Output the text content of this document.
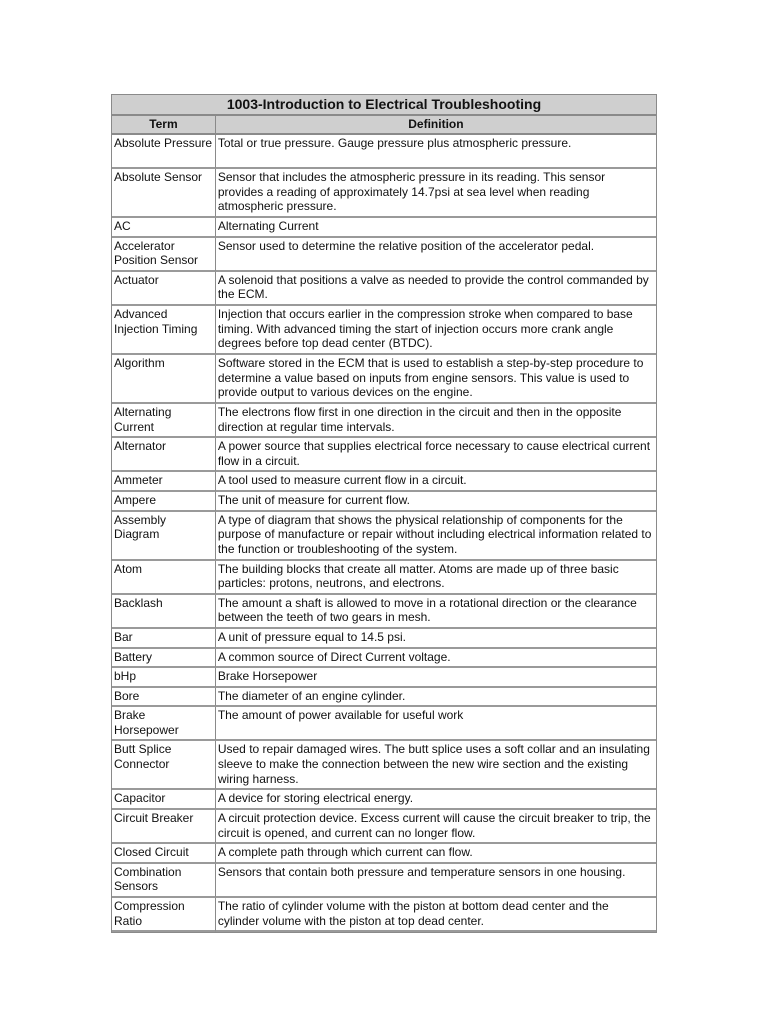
1003-Introduction to Electrical Troubleshooting	
Term	Definition
Absolute Pressure	Total or true pressure. Gauge pressure plus atmospheric pressure.
Absolute Sensor	Sensor that includes the atmospheric pressure in its reading. This sensor provides a reading of approximately 14.7psi at sea level when reading atmospheric pressure.
AC	Alternating Current
Accelerator Position Sensor	Sensor used to determine the relative position of the accelerator pedal.
Actuator	A solenoid that positions a valve as needed to provide the control commanded by the ECM.
Advanced Injection Timing	Injection that occurs earlier in the compression stroke when compared to base timing. With advanced timing the start of injection occurs more crank angle degrees before top dead center (BTDC).
Algorithm	Software stored in the ECM that is used to establish a step-by-step procedure to determine a value based on inputs from engine sensors. This value is used to provide output to various devices on the engine.
Alternating Current	The electrons flow first in one direction in the circuit and then in the opposite direction at regular time intervals.
Alternator	A power source that supplies electrical force necessary to cause electrical current flow in a circuit.
Ammeter	A tool used to measure current flow in a circuit.
Ampere	The unit of measure for current flow.
Assembly Diagram	A type of diagram that shows the physical relationship of components for the purpose of manufacture or repair without including electrical information related to the function or troubleshooting of the system.
Atom	The building blocks that create all matter. Atoms are made up of three basic particles: protons, neutrons, and electrons.
Backlash	The amount a shaft is allowed to move in a rotational direction or the clearance between the teeth of two gears in mesh.
Bar	A unit of pressure equal to 14.5 psi.
Battery	A common source of Direct Current voltage.
bHp	Brake Horsepower
Bore	The diameter of an engine cylinder.
Brake Horsepower	The amount of power available for useful work
Butt Splice Connector	Used to repair damaged wires. The butt splice uses a soft collar and an insulating sleeve to make the connection between the new wire section and the existing wiring harness.
Capacitor	A device for storing electrical energy.
Circuit Breaker	A circuit protection device. Excess current will cause the circuit breaker to trip, the circuit is opened, and current can no longer flow.
Closed Circuit	A complete path through which current can flow.
Combination Sensors	Sensors that contain both pressure and temperature sensors in one housing.
Compression Ratio	The ratio of cylinder volume with the piston at bottom dead center and the cylinder volume with the piston at top dead center.
